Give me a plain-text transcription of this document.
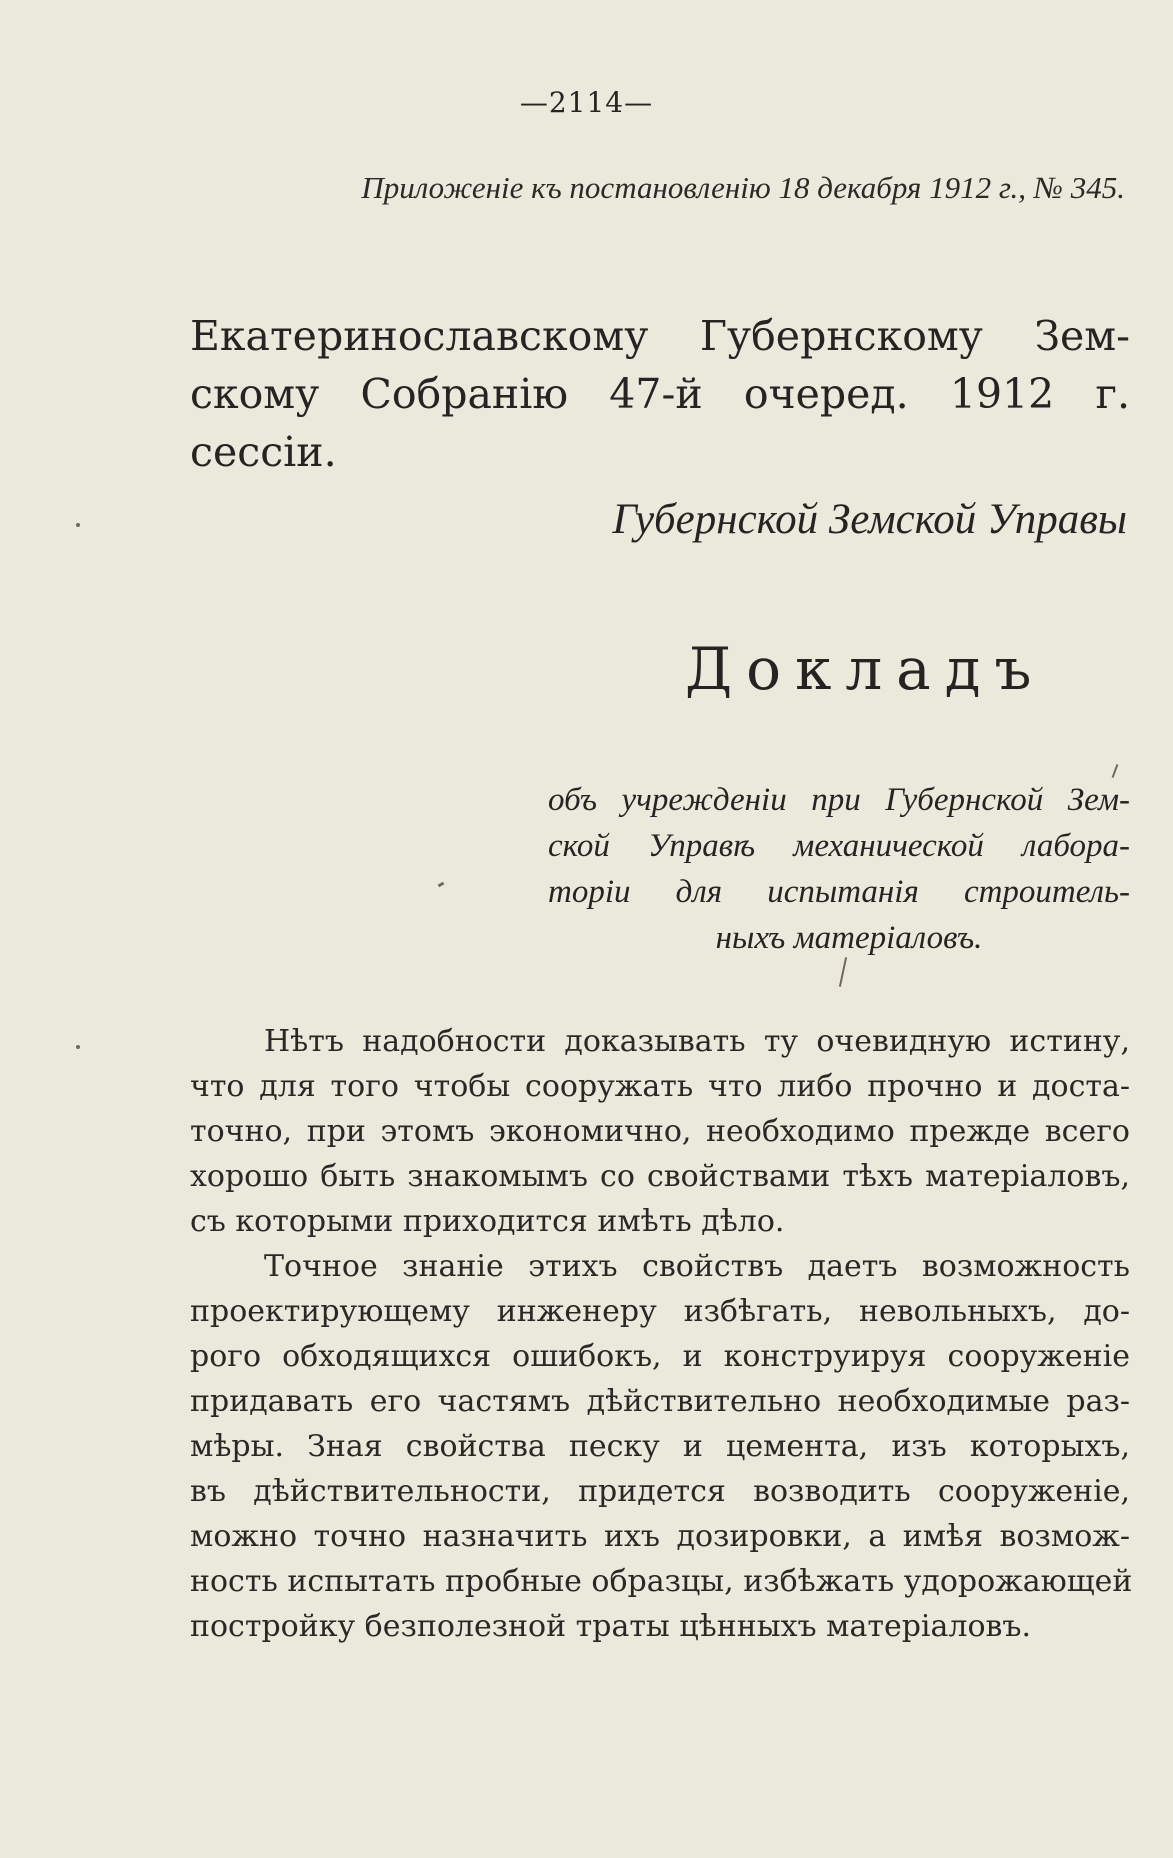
—2114—
Приложеніе къ постановленію 18 декабря 1912 г., № 345.
Екатеринославскому Губернскому Зем-
скому Собранію 47-й очеред. 1912 г. сессіи.
Губернской Земской Управы
Докладъ
объ учрежденіи при Губернской Зем-
ской Управѣ механической лабора-
торіи для испытанія строитель-
ныхъ матеріаловъ.
Нѣтъ надобности доказывать ту очевидную истину,
что для того чтобы сооружать что либо прочно и доста-
точно, при этомъ экономично, необходимо прежде всего
хорошо быть знакомымъ со свойствами тѣхъ матеріаловъ,
съ которыми приходится имѣть дѣло.
Точное знаніе этихъ свойствъ даетъ возможность
проектирующему инженеру избѣгать, невольныхъ, до-
рого обходящихся ошибокъ, и конструируя сооруженіе
придавать его частямъ дѣйствительно необходимые раз-
мѣры. Зная свойства песку и цемента, изъ которыхъ,
въ дѣйствительности, придется возводить сооруженіе,
можно точно назначить ихъ дозировки, а имѣя возмож-
ность испытать пробные образцы, избѣжать удорожающей
постройку безполезной траты цѣнныхъ матеріаловъ.
